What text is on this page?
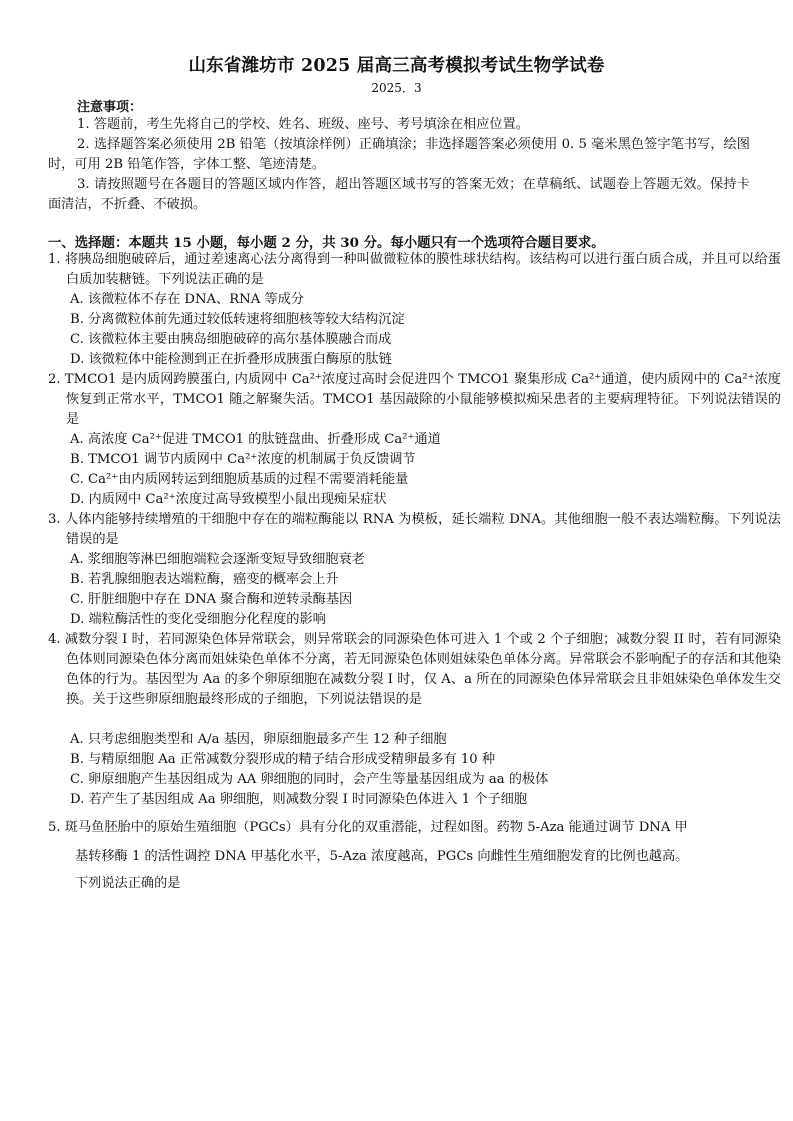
山东省潍坊市 2025 届高三高考模拟考试生物学试卷
2025．3
注意事项：
1. 答题前，考生先将自己的学校、姓名、班级、座号、考号填涂在相应位置。
2. 选择题答案必须使用 2B 铅笔（按填涂样例）正确填涂；非选择题答案必须使用 0. 5 毫米黑色签字笔书写，绘图时，可用 2B 铅笔作答，字体工整、笔迹清楚。
3. 请按照题号在各题目的答题区域内作答，超出答题区域书写的答案无效；在草稿纸、试题卷上答题无效。保持卡面清洁，不折叠、不破损。
一、选择题：本题共 15 小题，每小题 2 分，共 30 分。每小题只有一个选项符合题目要求。
1. 将胰岛细胞破碎后，通过差速离心法分离得到一种叫做微粒体的膜性球状结构。该结构可以进行蛋白质合成，并且可以给蛋白质加装糖链。下列说法正确的是
A. 该微粒体不存在 DNA、RNA 等成分
B. 分离微粒体前先通过较低转速将细胞核等较大结构沉淀
C. 该微粒体主要由胰岛细胞破碎的高尔基体膜融合而成
D. 该微粒体中能检测到正在折叠形成胰蛋白酶原的肽链
2. TMCO1 是内质网跨膜蛋白, 内质网中 Ca²⁺浓度过高时会促进四个 TMCO1 聚集形成 Ca²⁺通道，使内质网中的 Ca²⁺浓度恢复到正常水平，TMCO1 随之解聚失活。TMCO1 基因敲除的小鼠能够模拟痴呆患者的主要病理特征。下列说法错误的是
A. 高浓度 Ca²⁺促进 TMCO1 的肽链盘曲、折叠形成 Ca²⁺通道
B. TMCO1 调节内质网中 Ca²⁺浓度的机制属于负反馈调节
C. Ca²⁺由内质网转运到细胞质基质的过程不需要消耗能量
D. 内质网中 Ca²⁺浓度过高导致模型小鼠出现痴呆症状
3. 人体内能够持续增殖的干细胞中存在的端粒酶能以 RNA 为模板，延长端粒 DNA。其他细胞一般不表达端粒酶。下列说法错误的是
A. 浆细胞等淋巴细胞端粒会逐渐变短导致细胞衰老
B. 若乳腺细胞表达端粒酶，癌变的概率会上升
C. 肝脏细胞中存在 DNA 聚合酶和逆转录酶基因
D. 端粒酶活性的变化受细胞分化程度的影响
4. 减数分裂 I 时，若同源染色体异常联会，则异常联会的同源染色体可进入 1 个或 2 个子细胞；减数分裂 II 时，若有同源染色体则同源染色体分离而姐妹染色单体不分离，若无同源染色体则姐妹染色单体分离。异常联会不影响配子的存活和其他染色体的行为。基因型为 Aa 的多个卵原细胞在减数分裂 I 时，仅 A、a 所在的同源染色体异常联会且非姐妹染色单体发生交换。关于这些卵原细胞最终形成的子细胞，下列说法错误的是
A. 只考虑细胞类型和 A/a 基因，卵原细胞最多产生 12 种子细胞
B. 与精原细胞 Aa 正常减数分裂形成的精子结合形成受精卵最多有 10 种
C. 卵原细胞产生基因组成为 AA 卵细胞的同时，会产生等量基因组成为 aa 的极体
D. 若产生了基因组成 Aa 卵细胞，则减数分裂 I 时同源染色体进入 1 个子细胞
5. 斑马鱼胚胎中的原始生殖细胞（PGCs）具有分化的双重潜能，过程如图。药物 5-Aza 能通过调节 DNA 甲
基转移酶 1 的活性调控 DNA 甲基化水平，5-Aza 浓度越高，PGCs 向雌性生殖细胞发育的比例也越高。
下列说法正确的是
